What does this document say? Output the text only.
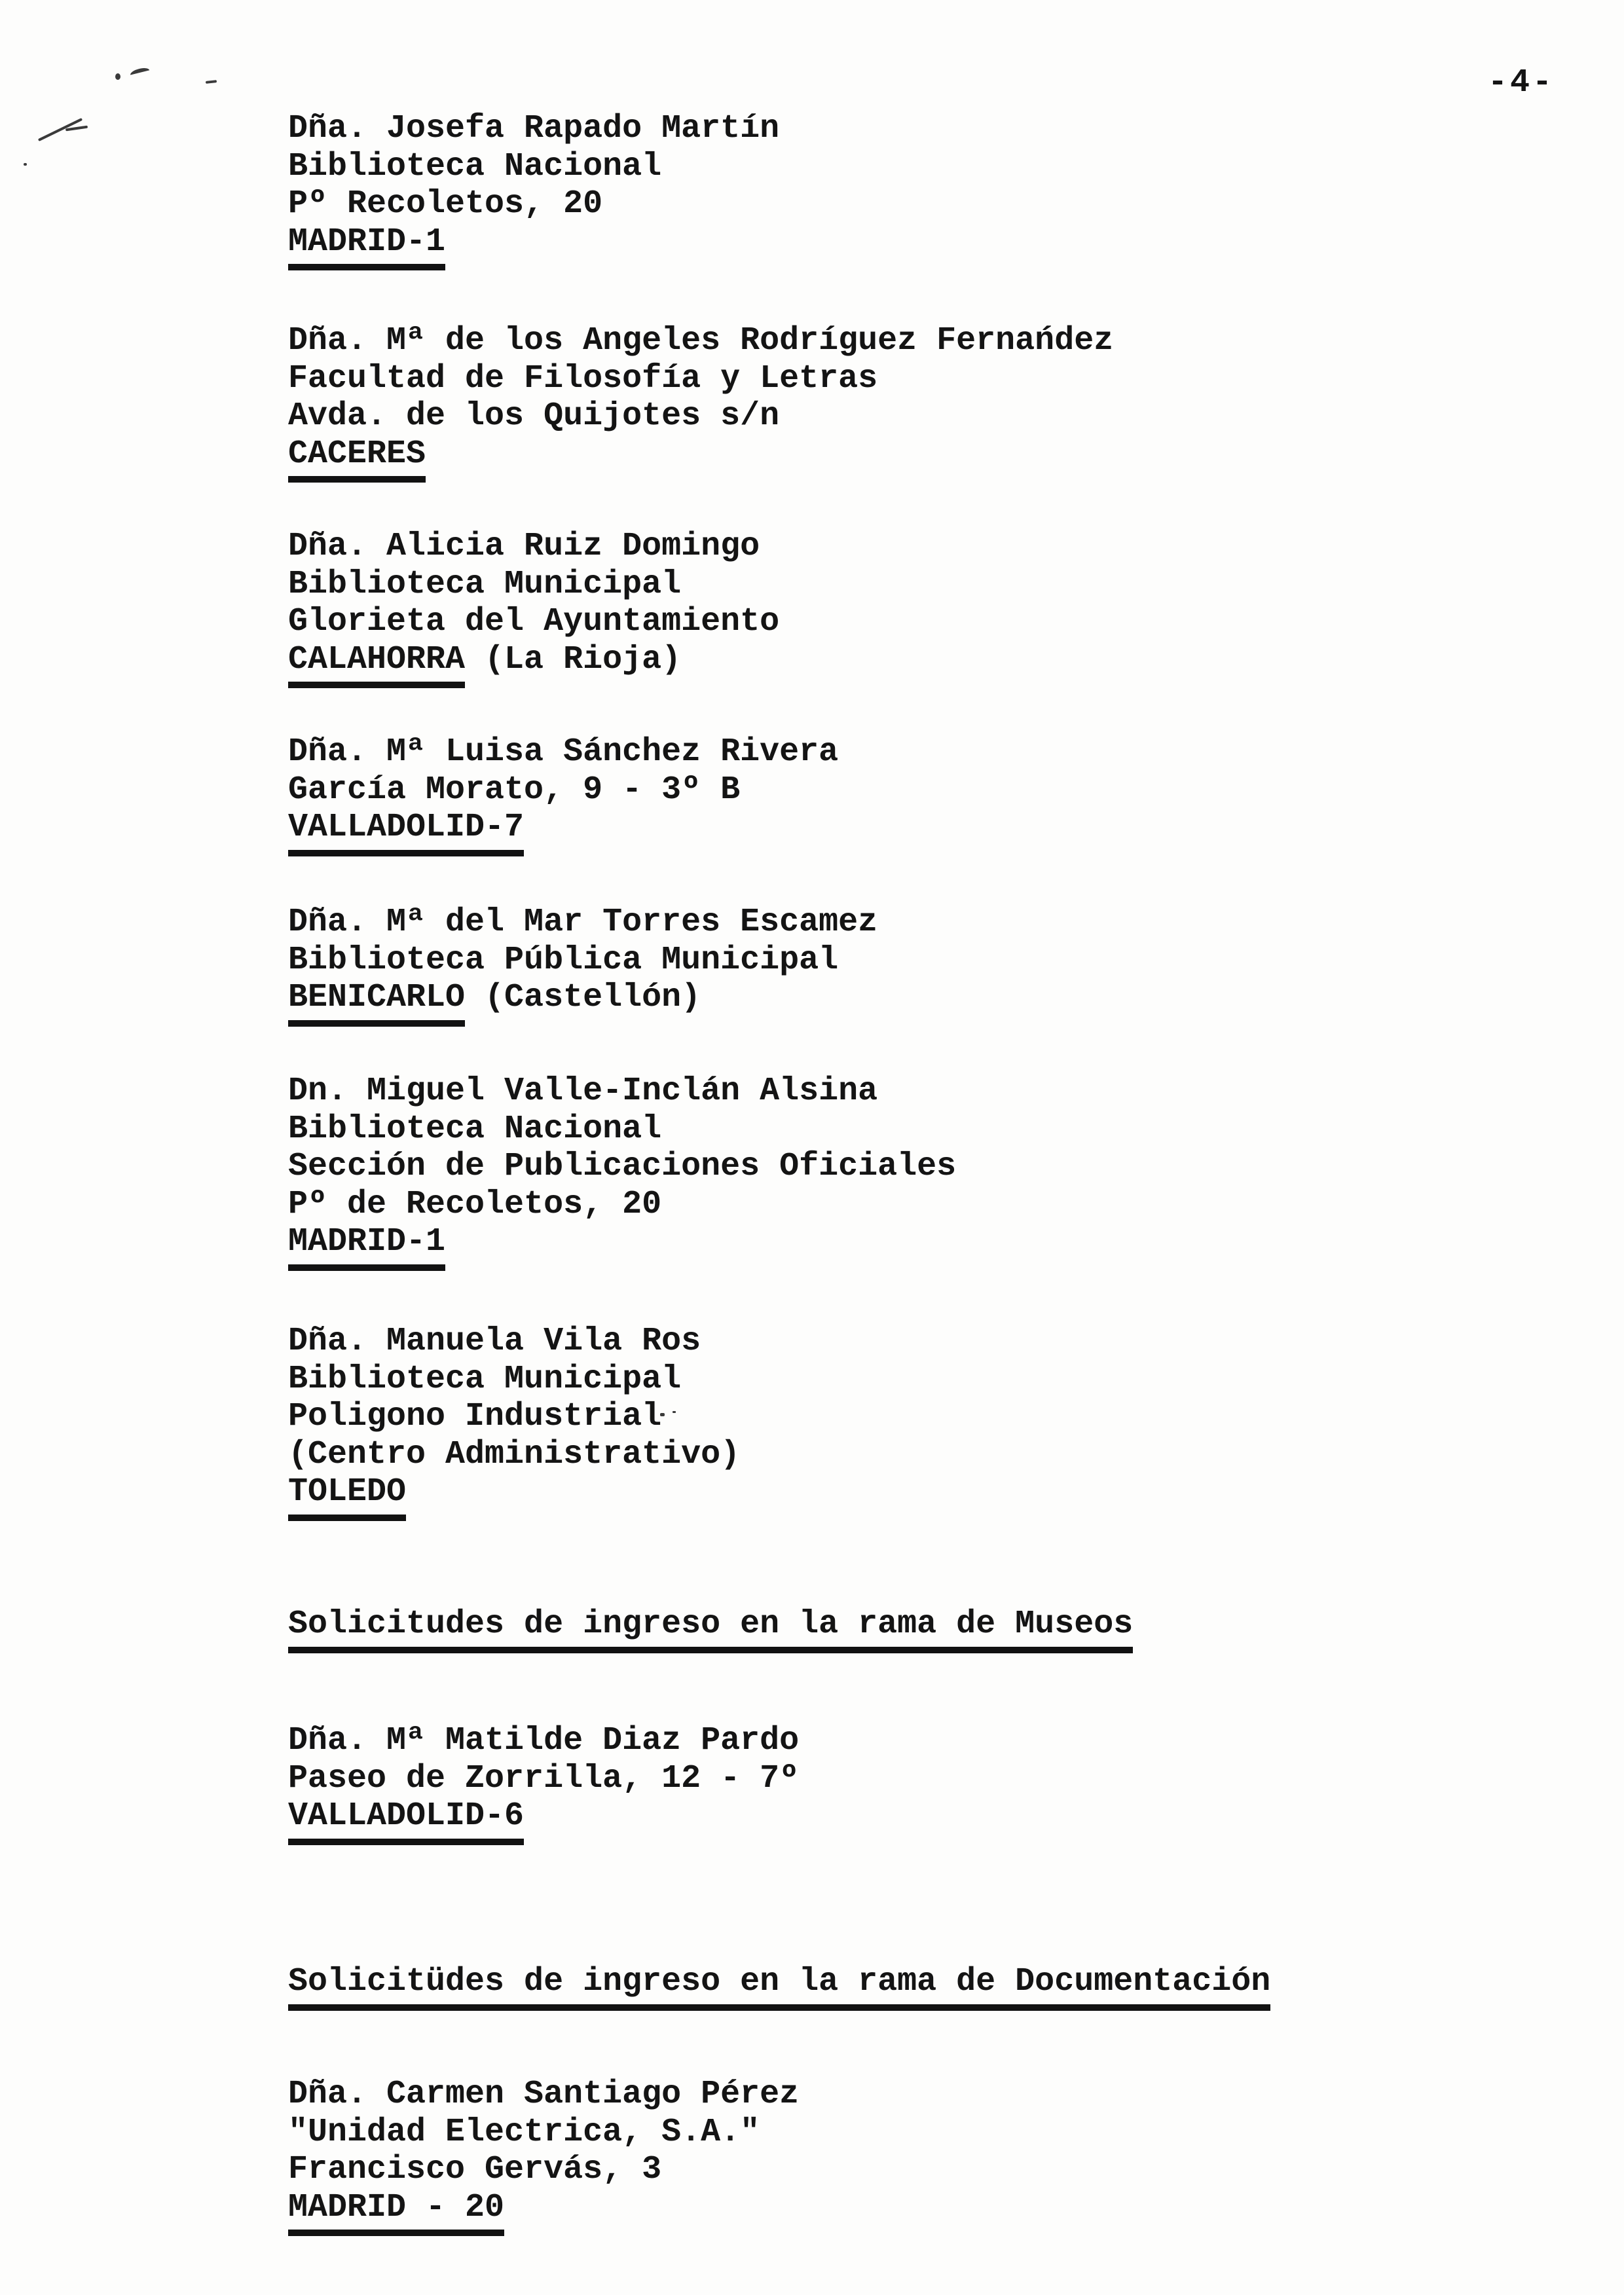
-4-
Dña. Josefa Rapado Martín
Biblioteca Nacional
Pº Recoletos, 20
MADRID-1
Dña. Mª de los Angeles Rodríguez Fernańdez
Facultad de Filosofía y Letras
Avda. de los Quijotes s/n
CACERES
Dña. Alicia Ruiz Domingo
Biblioteca Municipal
Glorieta del Ayuntamiento
CALAHORRA (La Rioja)
Dña. Mª Luisa Sánchez Rivera
García Morato, 9 - 3º B
VALLADOLID-7
Dña. Mª del Mar Torres Escamez
Biblioteca Pública Municipal
BENICARLO (Castellón)
Dn. Miguel Valle-Inclán Alsina
Biblioteca Nacional
Sección de Publicaciones Oficiales
Pº de Recoletos, 20
MADRID-1
Dña. Manuela Vila Ros
Biblioteca Municipal
Poligono Industrial
(Centro Administrativo)
TOLEDO
Solicitudes de ingreso en la rama de Museos
Dña. Mª Matilde Diaz Pardo
Paseo de Zorrilla, 12 - 7º
VALLADOLID-6
Solicitüdes de ingreso en la rama de Documentación
Dña. Carmen Santiago Pérez
"Unidad Electrica, S.A."
Francisco Gervás, 3
MADRID - 20
